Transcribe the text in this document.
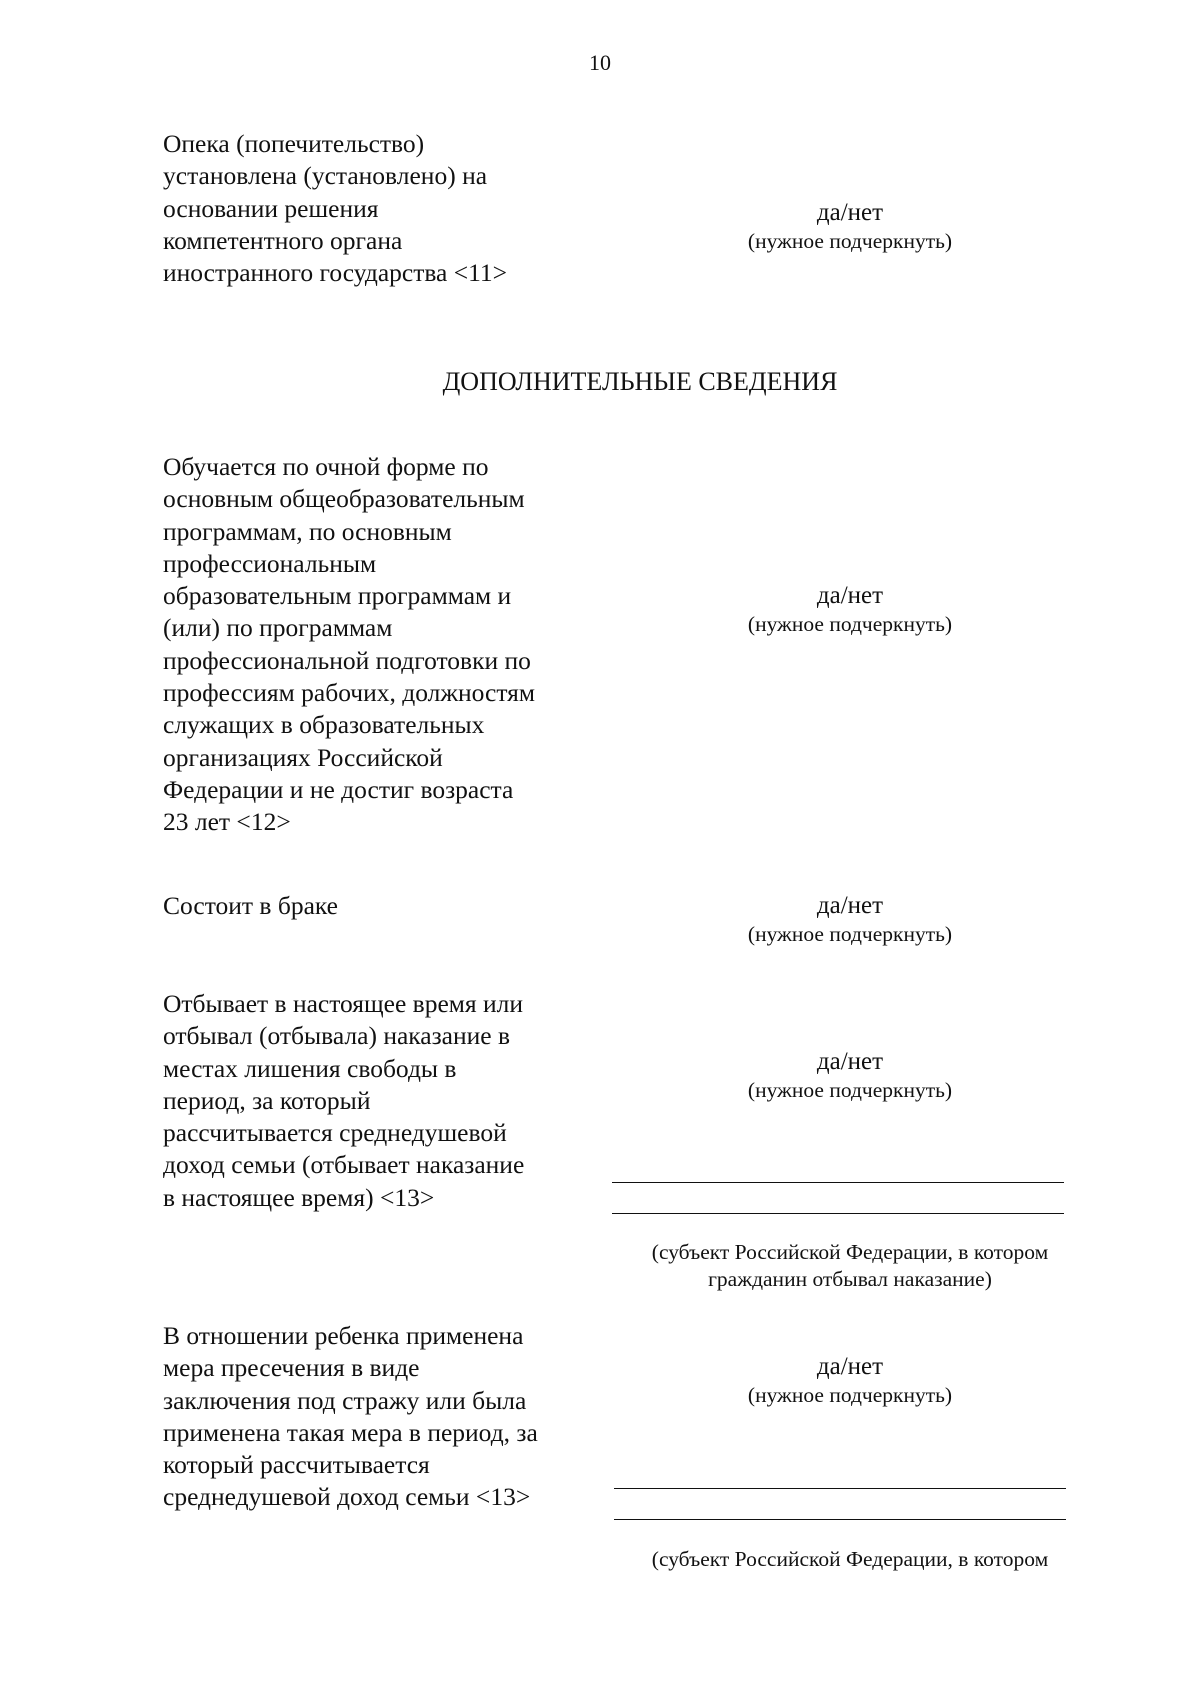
10
Опека (попечительство)
установлена (установлено) на
основании решения
компетентного органа
иностранного государства <11>
да/нет
(нужное подчеркнуть)
ДОПОЛНИТЕЛЬНЫЕ СВЕДЕНИЯ
Обучается по очной форме по
основным общеобразовательным
программам, по основным
профессиональным
образовательным программам и
(или) по программам
профессиональной подготовки по
профессиям рабочих, должностям
служащих в образовательных
организациях Российской
Федерации и не достиг возраста
23 лет <12>
да/нет
(нужное подчеркнуть)
Состоит в браке	да/нет
(нужное подчеркнуть)
Отбывает в настоящее время или
отбывал (отбывала) наказание в
местах лишения свободы в
период, за который
рассчитывается среднедушевой
доход семьи (отбывает наказание
в настоящее время) <13>
да/нет
(нужное подчеркнуть)
(субъект Российской Федерации, в котором
гражданин отбывал наказание)
В отношении ребенка применена
мера пресечения в виде
заключения под стражу или была
применена такая мера в период, за
который рассчитывается
среднедушевой доход семьи <13>
да/нет
(нужное подчеркнуть)
(субъект Российской Федерации, в котором
